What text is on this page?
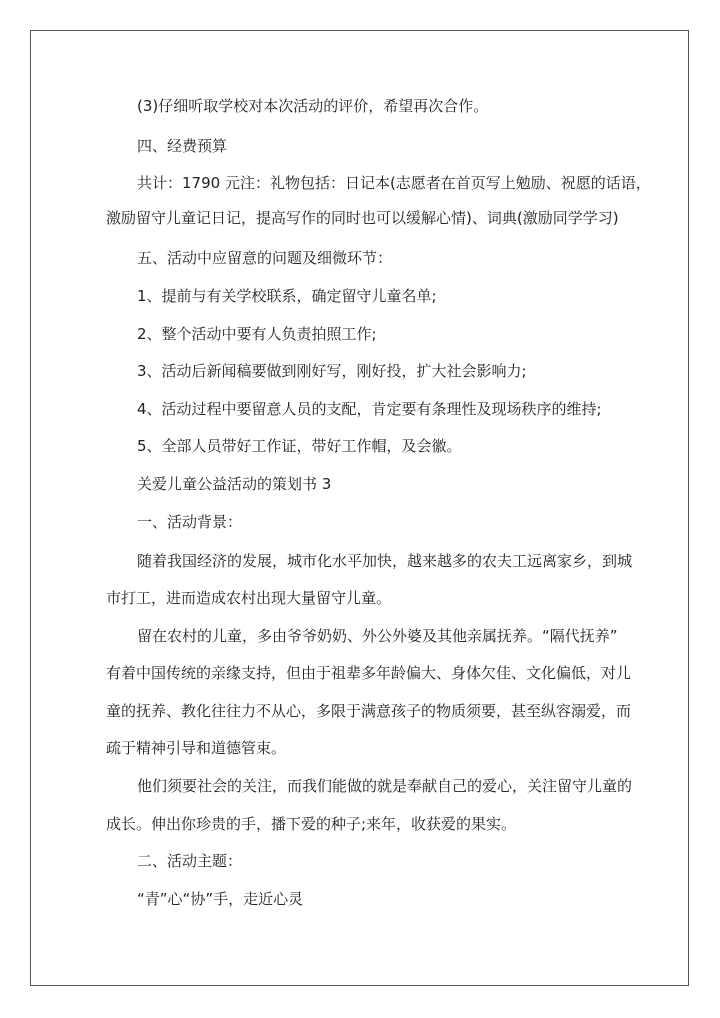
(3)仔细听取学校对本次活动的评价，希望再次合作。
四、经费预算
共计：1790 元注：礼物包括：日记本(志愿者在首页写上勉励、祝愿的话语，
激励留守儿童记日记，提高写作的同时也可以缓解心情)、词典(激励同学学习)
五、活动中应留意的问题及细微环节：
1、提前与有关学校联系，确定留守儿童名单;
2、整个活动中要有人负责拍照工作;
3、活动后新闻稿要做到刚好写，刚好投，扩大社会影响力;
4、活动过程中要留意人员的支配，肯定要有条理性及现场秩序的维持;
5、全部人员带好工作证，带好工作帽，及会徽。
关爱儿童公益活动的策划书 3
一、活动背景：
随着我国经济的发展，城市化水平加快，越来越多的农夫工远离家乡，到城
市打工，进而造成农村出现大量留守儿童。
留在农村的儿童，多由爷爷奶奶、外公外婆及其他亲属抚养。“隔代抚养”
有着中国传统的亲缘支持，但由于祖辈多年龄偏大、身体欠佳、文化偏低，对儿
童的抚养、教化往往力不从心，多限于满意孩子的物质须要，甚至纵容溺爱，而
疏于精神引导和道德管束。
他们须要社会的关注，而我们能做的就是奉献自己的爱心，关注留守儿童的
成长。伸出你珍贵的手，播下爱的种子;来年，收获爱的果实。
二、活动主题：
“青”心“协”手，走近心灵
